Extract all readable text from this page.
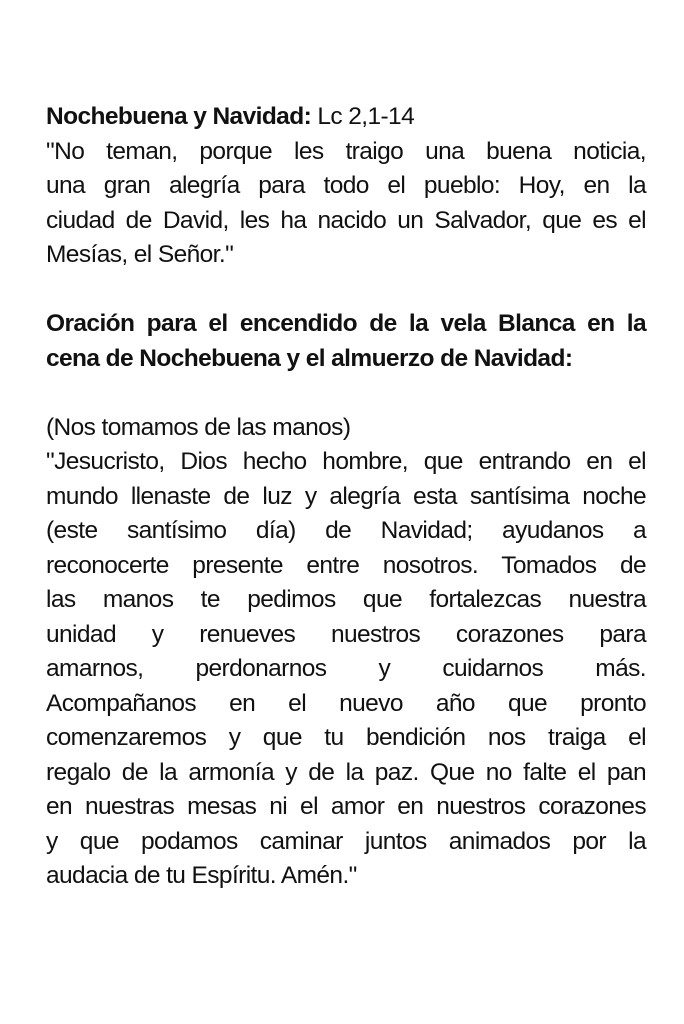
Nochebuena y Navidad: Lc 2,1-14
"No teman, porque les traigo una buena noticia,
una gran alegría para todo el pueblo: Hoy, en la
ciudad de David, les ha nacido un Salvador, que es el
Mesías, el Señor."
Oración para el encendido de la vela Blanca en la
cena de Nochebuena y el almuerzo de Navidad:
(Nos tomamos de las manos)
"Jesucristo, Dios hecho hombre, que entrando en el
mundo llenaste de luz y alegría esta santísima noche
(este santísimo día) de Navidad; ayudanos a
reconocerte presente entre nosotros. Tomados de
las manos te pedimos que fortalezcas nuestra
unidad y renueves nuestros corazones para
amarnos, perdonarnos y cuidarnos más.
Acompañanos en el nuevo año que pronto
comenzaremos y que tu bendición nos traiga el
regalo de la armonía y de la paz. Que no falte el pan
en nuestras mesas ni el amor en nuestros corazones
y que podamos caminar juntos animados por la
audacia de tu Espíritu. Amén."
